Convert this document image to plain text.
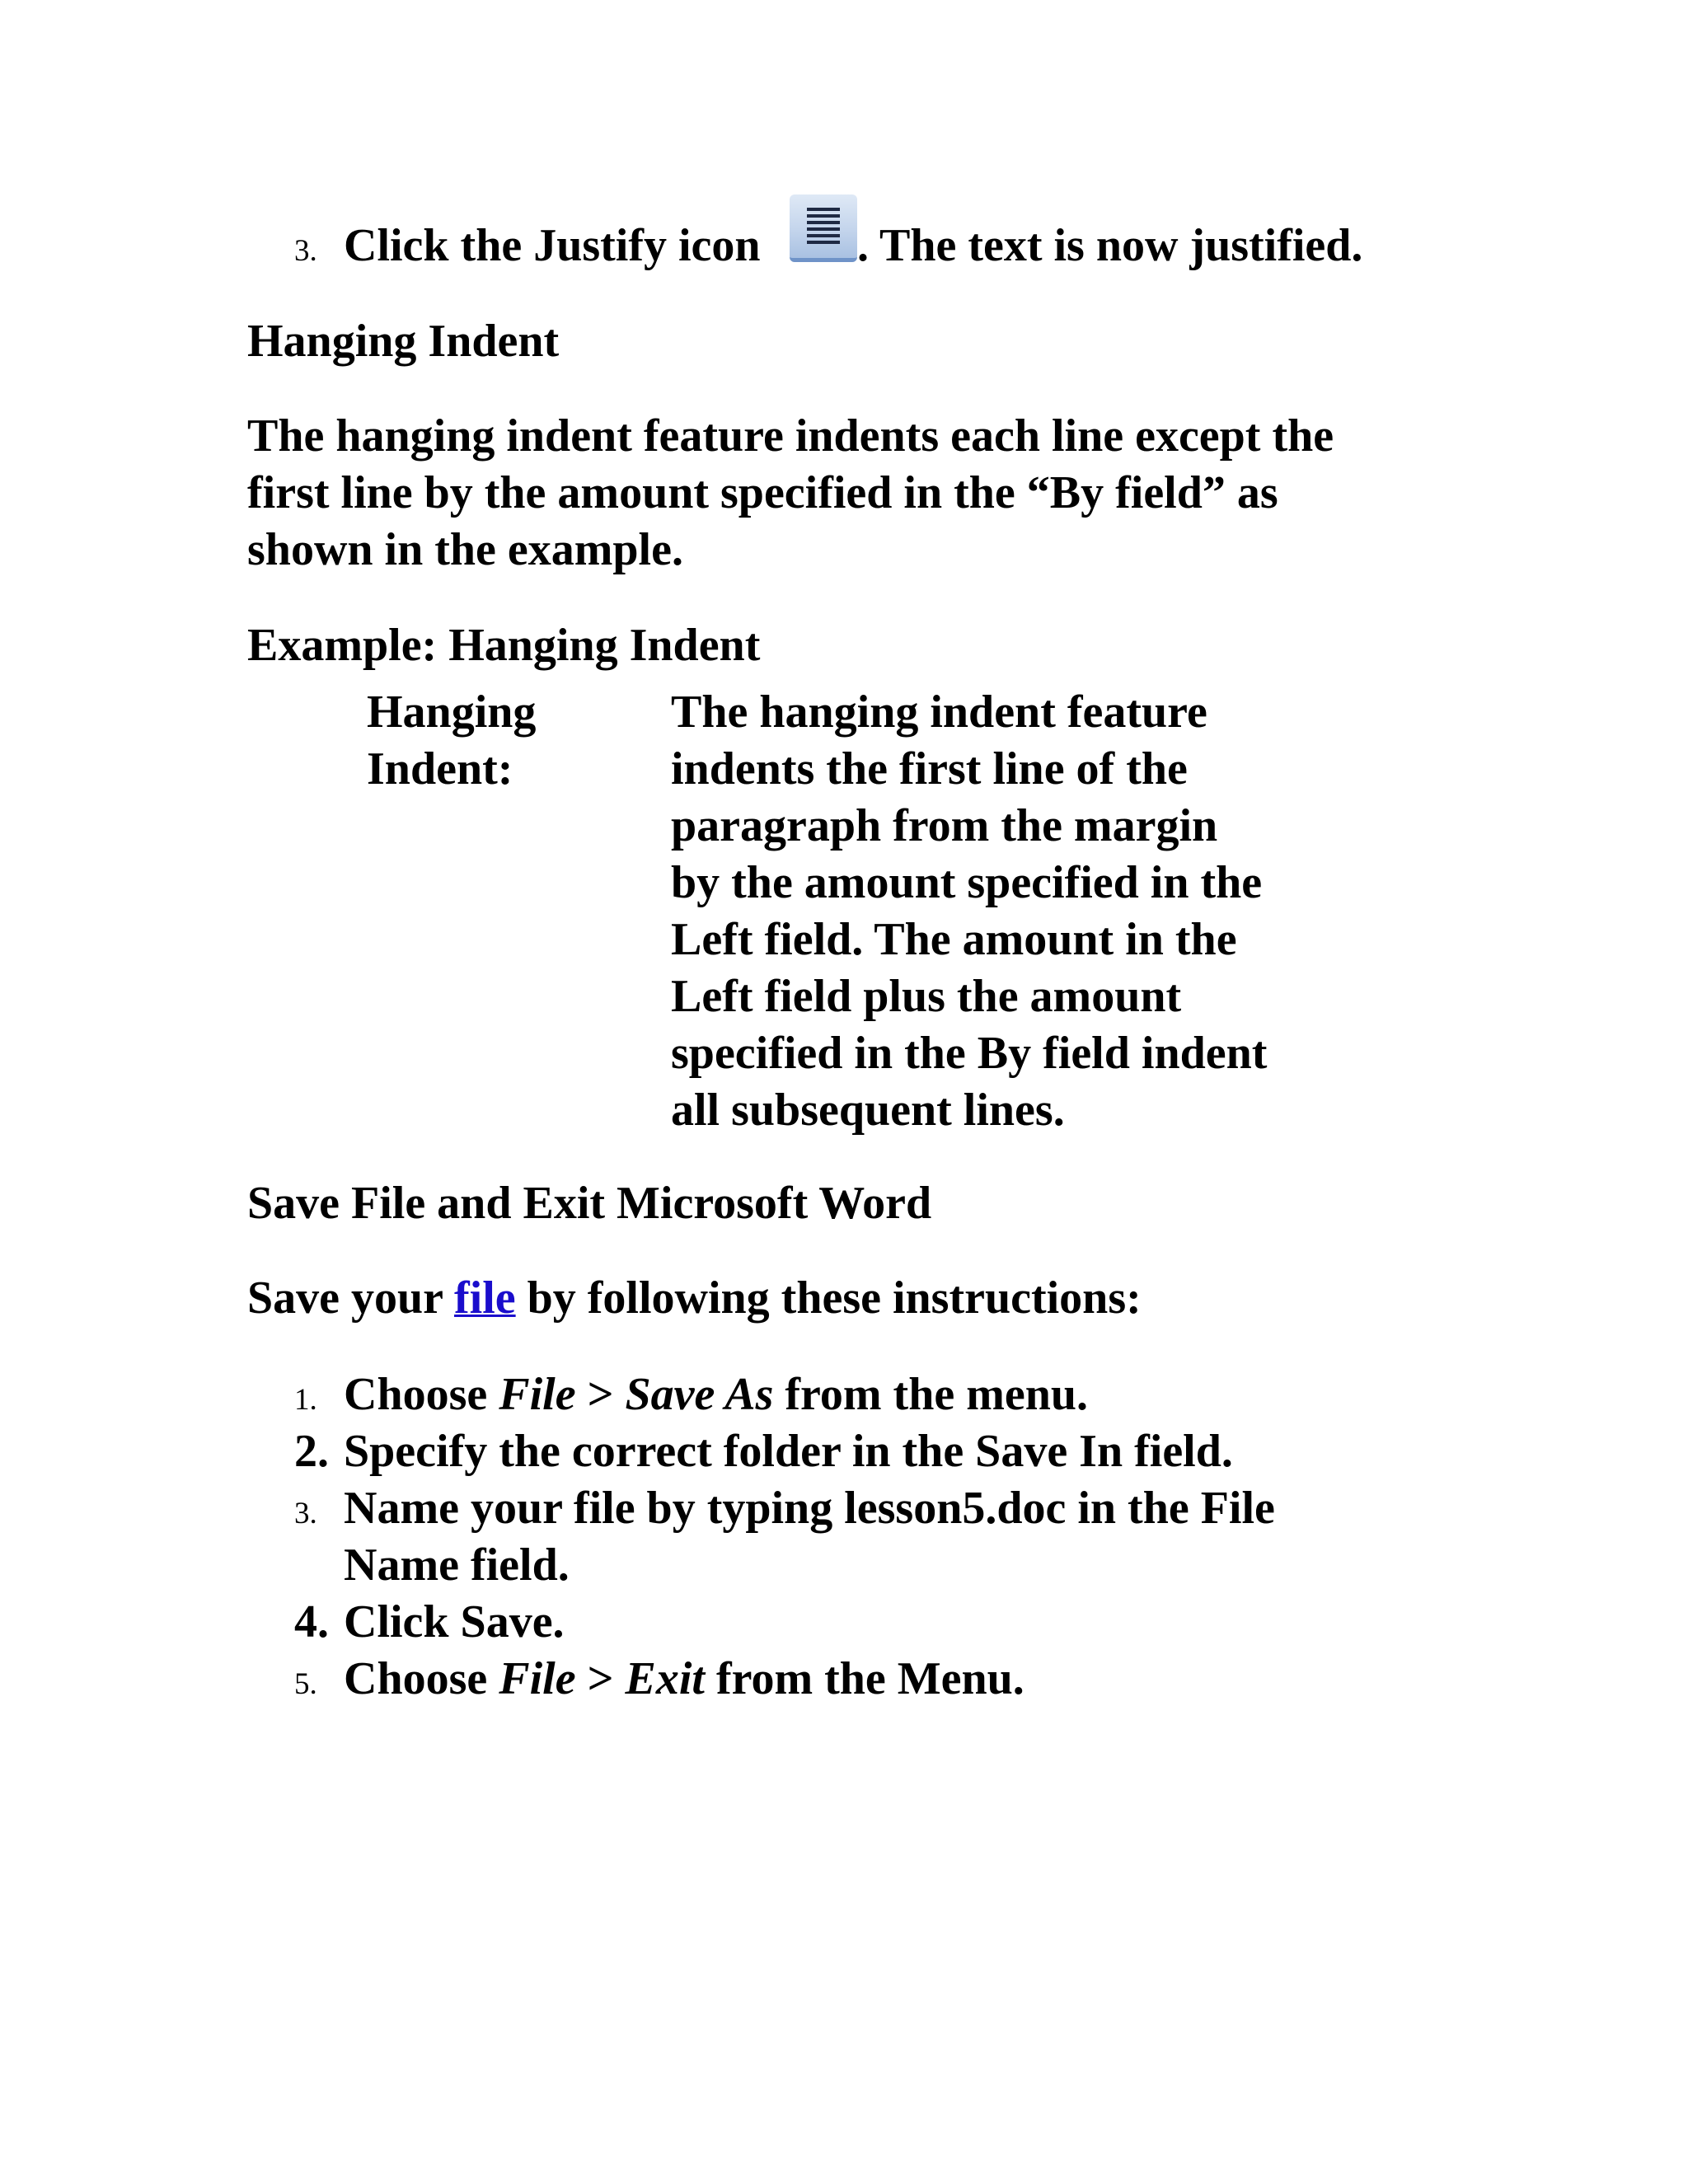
3. Click the Justify icon . The text is now justified.
Hanging Indent
The hanging indent feature indents each line except the
first line by the amount specified in the “By field” as
shown in the example.
Example: Hanging Indent
Hanging
Indent:
The hanging indent feature
indents the first line of the
paragraph from the margin
by the amount specified in the
Left field. The amount in the
Left field plus the amount
specified in the By field indent
all subsequent lines.
Save File and Exit Microsoft Word
Save your file by following these instructions:
1. Choose File > Save As from the menu.
2. Specify the correct folder in the Save In field.
3. Name your file by typing lesson5.doc in the File
Name field.
4. Click Save.
5. Choose File > Exit from the Menu.
